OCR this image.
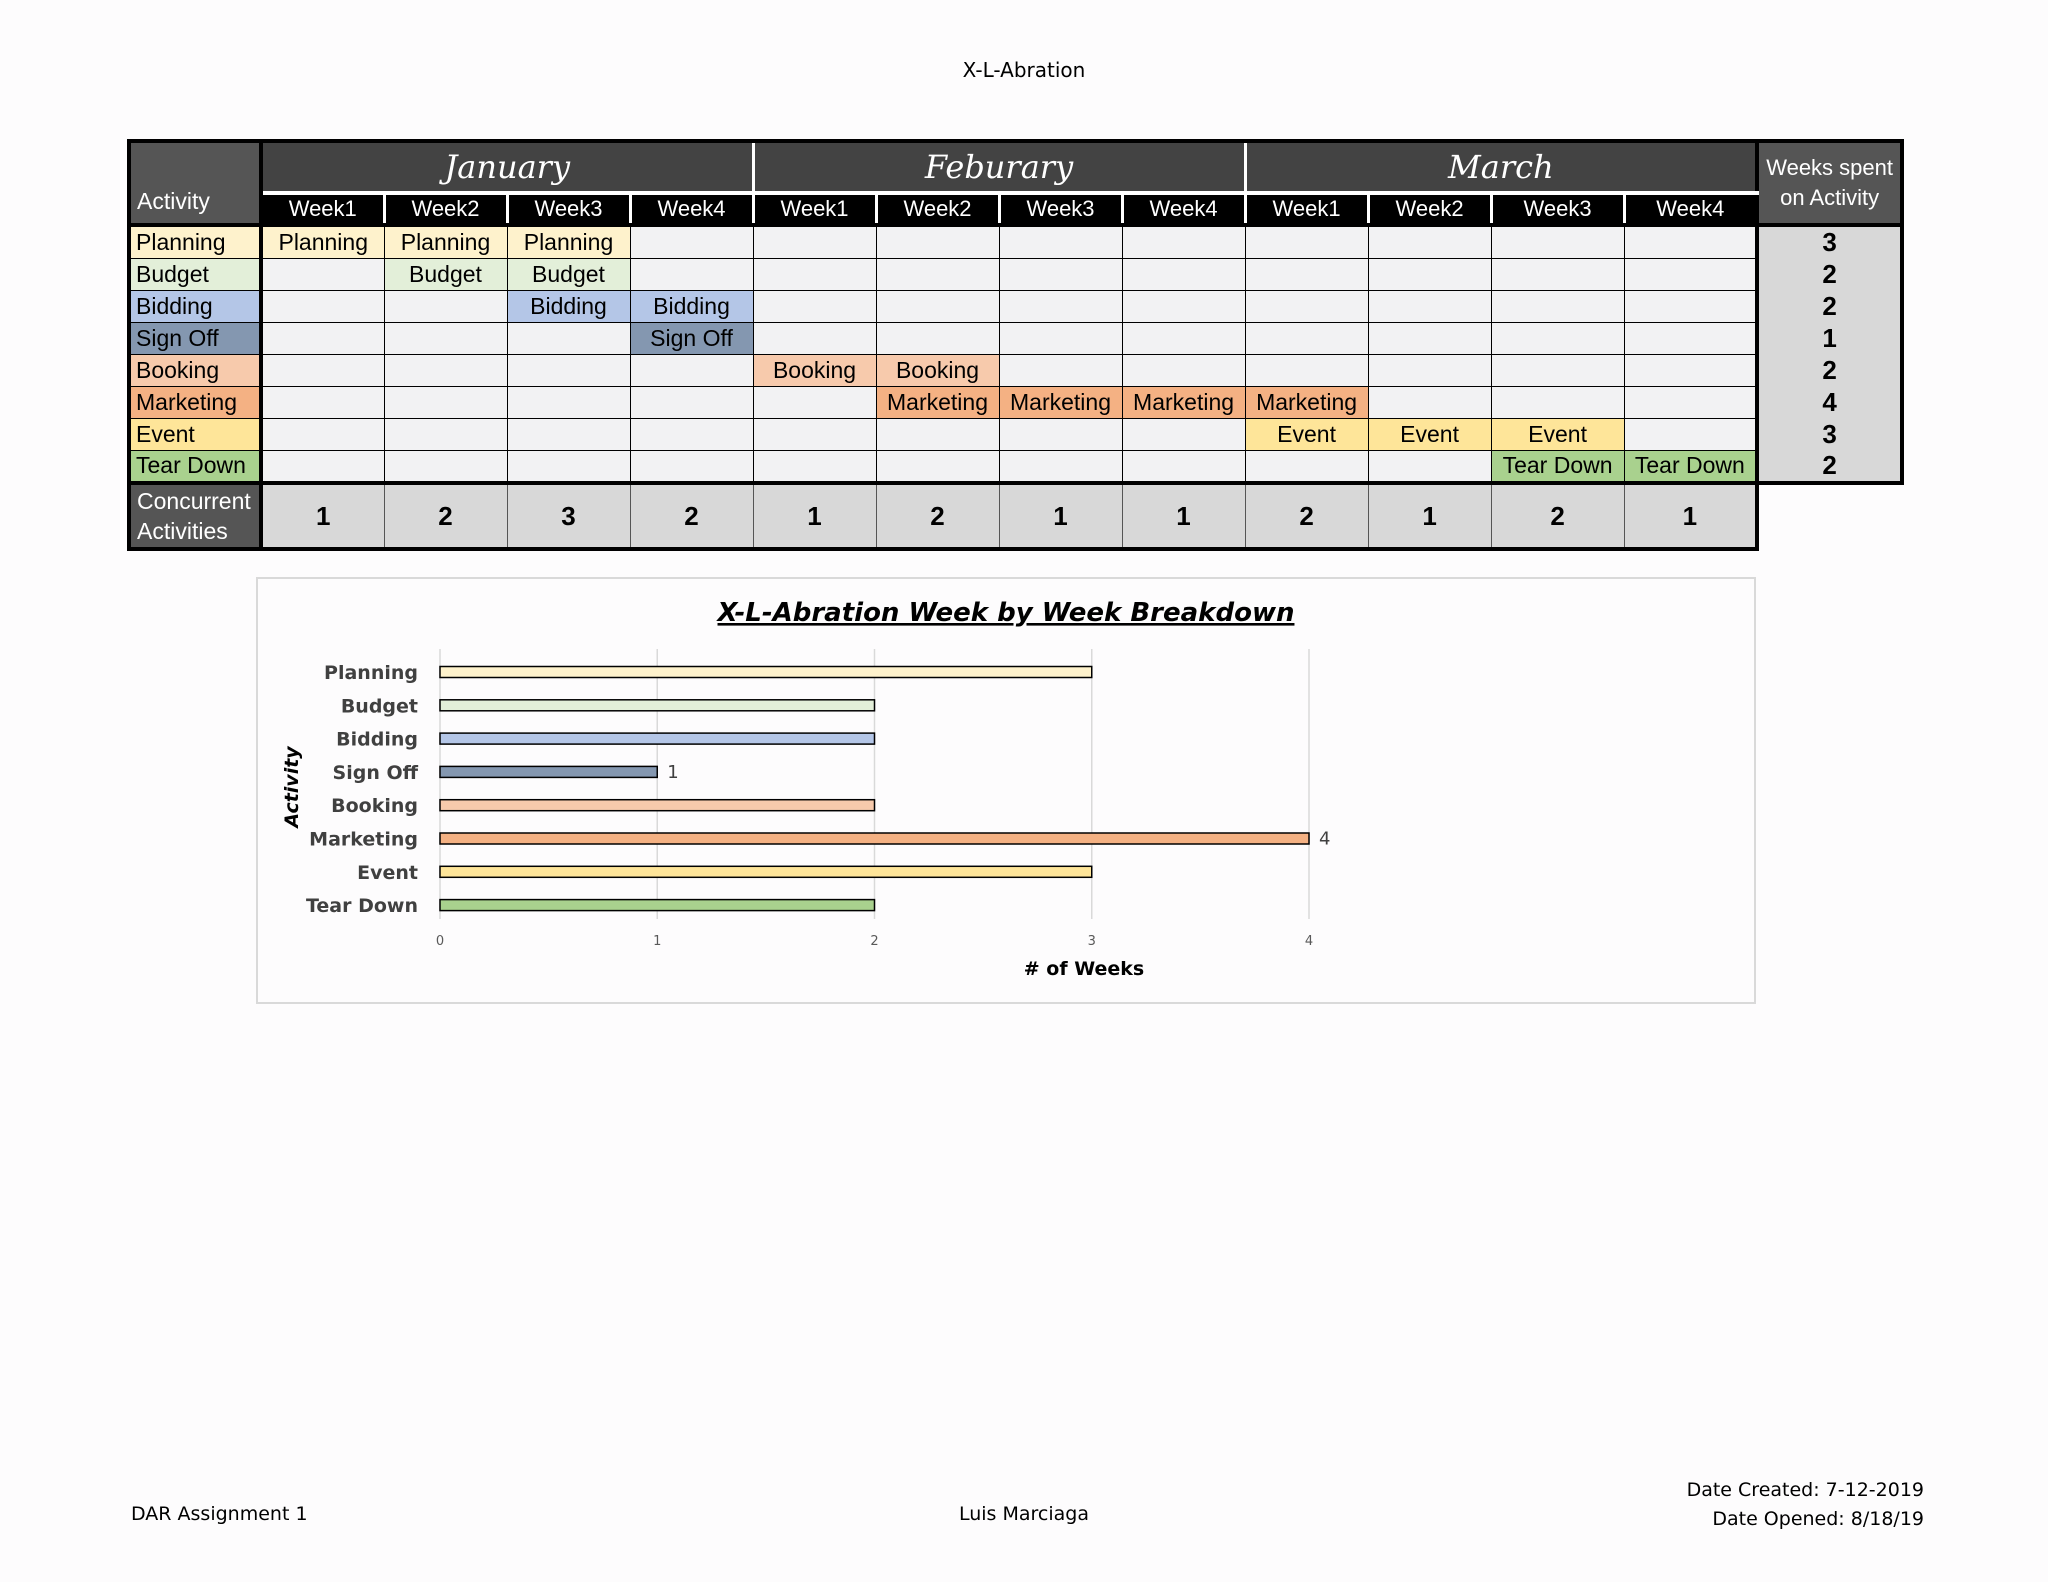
X-L-Abration
Activity	January				Feburary				March				Weeks spent on Activity
	Week1	Week2	Week3	Week4	Week1	Week2	Week3	Week4	Week1	Week2	Week3	Week4	
Planning	Planning	Planning	Planning										3
Budget		Budget	Budget										2
Bidding			Bidding	Bidding									2
Sign Off				Sign Off									1
Booking					Booking	Booking							2
Marketing						Marketing	Marketing	Marketing	Marketing				4
Event									Event	Event	Event		3
Tear Down											Tear Down	Tear Down	2
Concurrent Activities	1	2	3	2	1	2	1	1	2	1	2	1	
X-L-Abration Week by Week Breakdown
1
4
Planning
Budget
Bidding
Sign Off
Booking
Marketing
Event
Tear Down
0	1	2	3	4
# of Weeks
Activity
DAR Assignment 1	Luis Marciaga
Date Created: 7-12-2019
Date Opened: 8/18/19
